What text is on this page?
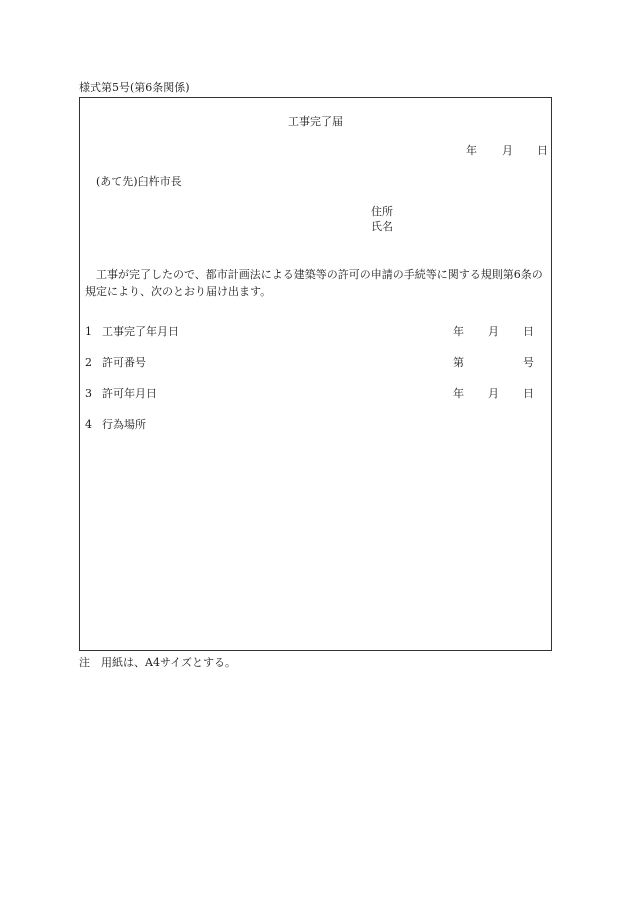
様式第5号(第6条関係)
工事完了届
年 月 日
(あて先)臼杵市長
住所
氏名
　工事が完了したので、都市計画法による建築等の許可の申請の手続等に関する規則第6条の規定により、次のとおり届け出ます。
1 工事完了年月日	年 月 日
2 許可番号	第	号
3 許可年月日	年 月 日
4 行為場所
注　用紙は、A4サイズとする。
